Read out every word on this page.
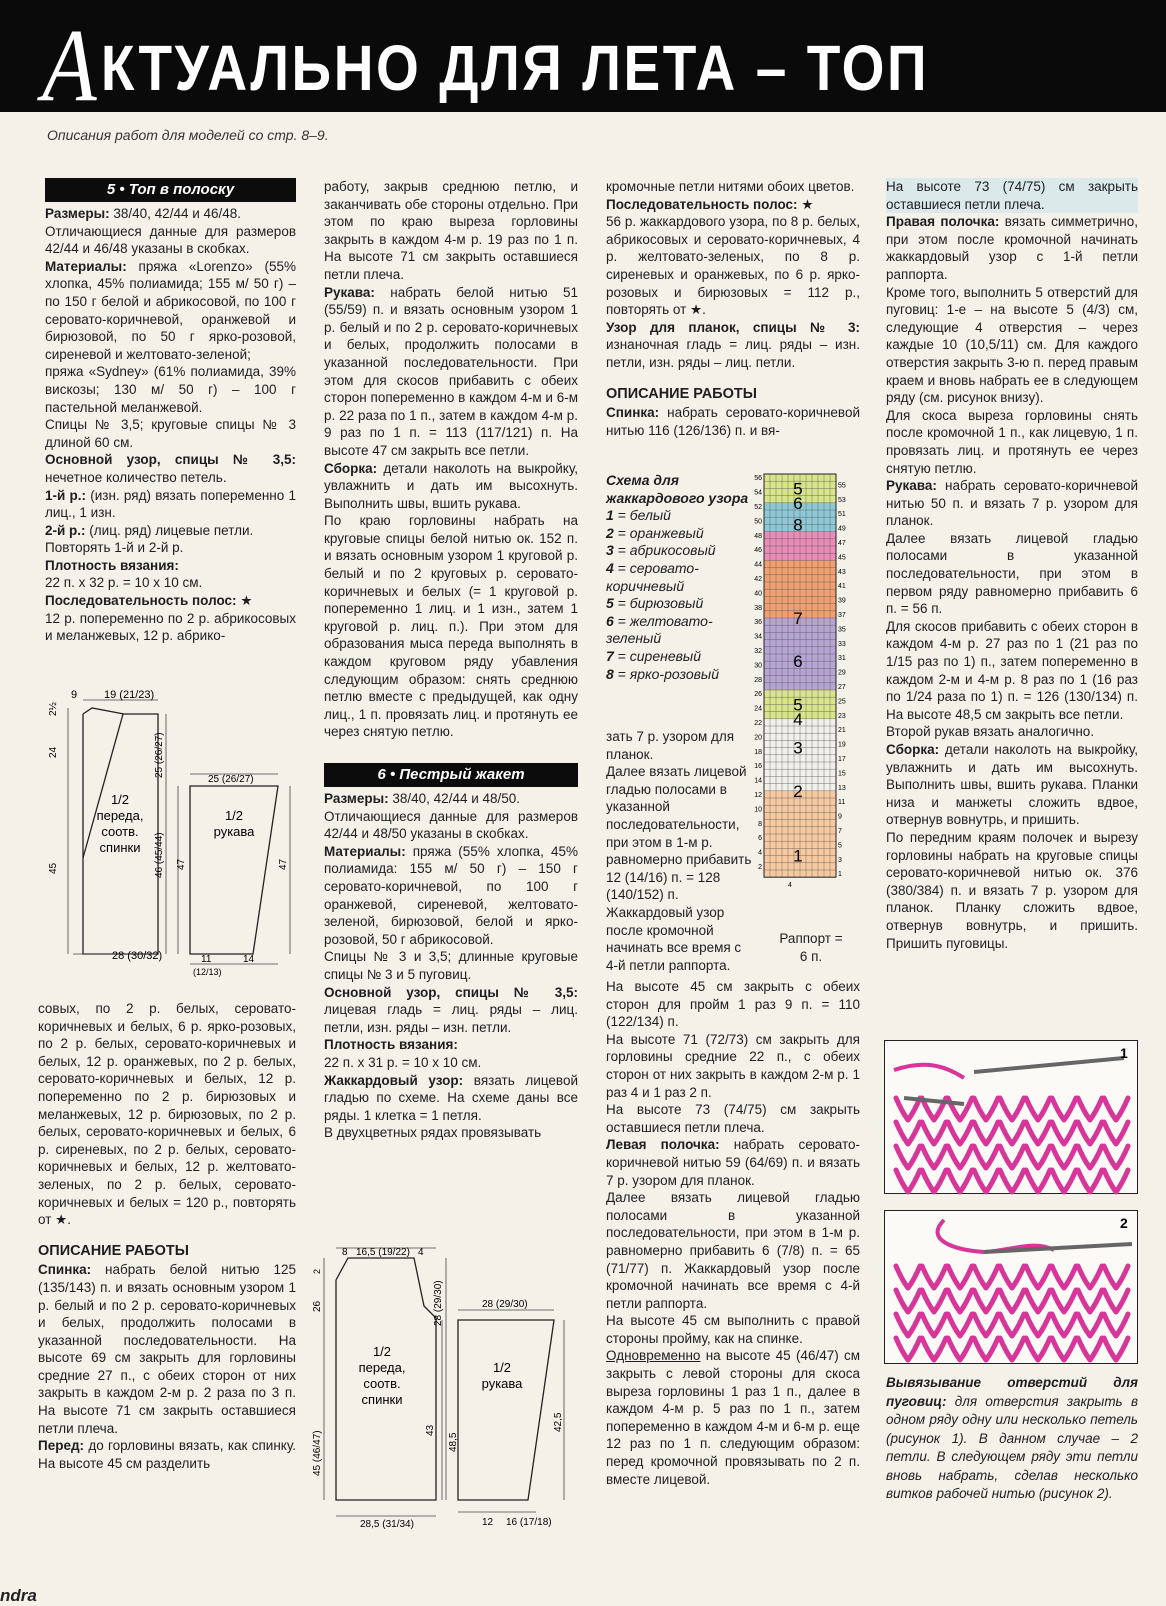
АКТУАЛЬНО ДЛЯ ЛЕТА – ТОП
Описания работ для моделей со стр. 8–9.
5 • Топ в полоску

Размеры: 38/40, 42/44 и 46/48.

Отличающиеся данные для размеров 42/44 и 46/48 указаны в скобках.

Материалы: пряжа «Lorenzo» (55% хлопка, 45% полиамида; 155 м/ 50 г) – по 150 г белой и абрикосовой, по 100 г серовато-коричневой, оранжевой и бирюзовой, по 50 г ярко-розовой, сиреневой и желтовато-зеленой;

пряжа «Sydney» (61% полиамида, 39% вискозы; 130 м/ 50 г) – 100 г пастельной меланжевой.

Спицы № 3,5; круговые спицы № 3 длиной 60 см.

Основной узор, спицы № 3,5: нечетное количество петель.

1-й р.: (изн. ряд) вязать попеременно 1 лиц., 1 изн.

2-й р.: (лиц. ряд) лицевые петли.

Повторять 1-й и 2-й р.

Плотность вязания:

22 п. х 32 р. = 10 х 10 см.

Последовательность полос: ★

12 р. попеременно по 2 р. абрикосовых и меланжевых, 12 р. абрико-

9 19 (21/23)
28 (30/32)
2½
24
45
25 (26/27)
46 (45/44)
1/2
переда,
соотв.
спинки
1/2
рукава
25 (26/27)
47	47
11	14
(12/13)

совых, по 2 р. белых, серовато-коричневых и белых, 6 р. ярко-розовых, по 2 р. белых, серовато-коричневых и белых, 12 р. оранжевых, по 2 р. белых, серовато-коричневых и белых, 12 р. попеременно по 2 р. бирюзовых и меланжевых, 12 р. бирюзовых, по 2 р. белых, серовато-коричневых и белых, 6 р. сиреневых, по 2 р. белых, серовато-коричневых и белых, 12 р. желтовато-зеленых, по 2 р. белых, серовато-коричневых и белых = 120 р., повторять от ★.

ОПИСАНИЕ РАБОТЫ

Спинка: набрать белой нитью 125 (135/143) п. и вязать основным узором 1 р. белый и по 2 р. серовато-коричневых и белых, продолжить полосами в указанной последовательности. На высоте 69 см закрыть для горловины средние 27 п., с обеих сторон от них закрыть в каждом 2-м р. 2 раза по 3 п. На высоте 71 см закрыть оставшиеся петли плеча.

Перед: до горловины вязать, как спинку. На высоте 45 см разделить

работу, закрыв среднюю петлю, и заканчивать обе стороны отдельно. При этом по краю выреза горловины закрыть в каждом 4-м р. 19 раз по 1 п. На высоте 71 см закрыть оставшиеся петли плеча.

Рукава: набрать белой нитью 51 (55/59) п. и вязать основным узором 1 р. белый и по 2 р. серовато-коричневых и белых, продолжить полосами в указанной последовательности. При этом для скосов прибавить с обеих сторон попеременно в каждом 4-м и 6-м р. 22 раза по 1 п., затем в каждом 4-м р. 9 раз по 1 п. = 113 (117/121) п. На высоте 47 см закрыть все петли.

Сборка: детали наколоть на выкройку, увлажнить и дать им высохнуть. Выполнить швы, вшить рукава.

По краю горловины набрать на круговые спицы белой нитью ок. 152 п. и вязать основным узором 1 круговой р. белый и по 2 круговых р. серовато-коричневых и белых (= 1 круговой р. попеременно 1 лиц. и 1 изн., затем 1 круговой р. лиц. п.). При этом для образования мыса переда выполнять в каждом круговом ряду убавления следующим образом: снять среднюю петлю вместе с предыдущей, как одну лиц., 1 п. провязать лиц. и протянуть ее через снятую петлю.

6 • Пестрый жакет

Размеры: 38/40, 42/44 и 48/50.

Отличающиеся данные для размеров 42/44 и 48/50 указаны в скобках.

Материалы: пряжа (55% хлопка, 45% полиамида: 155 м/ 50 г) – 150 г серовато-коричневой, по 100 г оранжевой, сиреневой, желтовато-зеленой, бирюзовой, белой и ярко-розовой, 50 г абрикосовой.

Спицы № 3 и 3,5; длинные круговые спицы № 3 и 5 пуговиц.

Основной узор, спицы № 3,5: лицевая гладь = лиц. ряды – лиц. петли, изн. ряды – изн. петли.

Плотность вязания:

22 п. х 31 р. = 10 х 10 см.

Жаккардовый узор: вязать лицевой гладью по схеме. На схеме даны все ряды. 1 клетка = 1 петля.

В двухцветных рядах провязывать

8 16,5 (19/22) 4
2
26
45 (46/47)
28 (29/30)
43
48,5
28,5 (31/34)
1/2
переда,
соотв.
спинки
1/2
рукава
28 (29/30)
42,5
12 16 (17/18)

кромочные петли нитями обоих цветов.

Последовательность полос: ★

56 р. жаккардового узора, по 8 р. белых, абрикосовых и серовато-коричневых, 4 р. желтовато-зеленых, по 8 р. сиреневых и оранжевых, по 6 р. ярко-розовых и бирюзовых = 112 р., повторять от ★.

Узор для планок, спицы № 3: изнаночная гладь = лиц. ряды – изн. петли, изн. ряды – лиц. петли.

ОПИСАНИЕ РАБОТЫ

Спинка: набрать серовато-коричневой нитью 116 (126/136) п. и вя-

Схема для жаккардового узора
1 = белый
2 = оранжевый
3 = абрикосовый
4 = серовато-коричневый
5 = бирюзовый
6 = желтовато-зеленый
7 = сиреневый
8 = ярко-розовый
1
2
3
4
5
6
7
8
9
10
11
12
13
14
15
16
17
18
19
20
21
22
23
24
25
26
27
28
29
30
31
32
33
34
35
36
37
38
39
40
41
42
43
44
45
46
47
48
49
50
51
52
53
54
55
56
1
2
3
4
5
6
7
8
6
5
4
Раппорт = 6 п.

зать 7 р. узором для планок.

Далее вязать лицевой гладью полосами в указанной последовательности, при этом в 1-м р. равномерно прибавить 12 (14/16) п. = 128 (140/152) п. Жаккардовый узор после кромочной начинать все время с 4-й петли раппорта.

На высоте 45 см закрыть с обеих сторон для пройм 1 раз 9 п. = 110 (122/134) п.

На высоте 71 (72/73) см закрыть для горловины средние 22 п., с обеих сторон от них закрыть в каждом 2-м р. 1 раз 4 и 1 раз 2 п.

На высоте 73 (74/75) см закрыть оставшиеся петли плеча.

Левая полочка: набрать серовато-коричневой нитью 59 (64/69) п. и вязать 7 р. узором для планок.

Далее вязать лицевой гладью полосами в указанной последовательности, при этом в 1-м р. равномерно прибавить 6 (7/8) п. = 65 (71/77) п. Жаккардовый узор после кромочной начинать все время с 4-й петли раппорта.

На высоте 45 см выполнить с правой стороны пройму, как на спинке.

Одновременно на высоте 45 (46/47) см закрыть с левой стороны для скоса выреза горловины 1 раз 1 п., далее в каждом 4-м р. 5 раз по 1 п., затем попеременно в каждом 4-м и 6-м р. еще 12 раз по 1 п. следующим образом: перед кромочной провязывать по 2 п. вместе лицевой.

На высоте 73 (74/75) см закрыть оставшиеся петли плеча.

Правая полочка: вязать симметрично, при этом после кромочной начинать жаккардовый узор с 1-й петли раппорта.

Кроме того, выполнить 5 отверстий для пуговиц: 1-е – на высоте 5 (4/3) см, следующие 4 отверстия – через каждые 10 (10,5/11) см. Для каждого отверстия закрыть 3-ю п. перед правым краем и вновь набрать ее в следующем ряду (см. рисунок внизу).

Для скоса выреза горловины снять после кромочной 1 п., как лицевую, 1 п. провязать лиц. и протянуть ее через снятую петлю.

Рукава: набрать серовато-коричневой нитью 50 п. и вязать 7 р. узором для планок.

Далее вязать лицевой гладью полосами в указанной последовательности, при этом в первом ряду равномерно прибавить 6 п. = 56 п.

Для скосов прибавить с обеих сторон в каждом 4-м р. 27 раз по 1 (21 раз по 1/15 раз по 1) п., затем попеременно в каждом 2-м и 4-м р. 8 раз по 1 (16 раз по 1/24 раза по 1) п. = 126 (130/134) п. На высоте 48,5 см закрыть все петли.

Второй рукав вязать аналогично.

Сборка: детали наколоть на выкройку, увлажнить и дать им высохнуть. Выполнить швы, вшить рукава. Планки низа и манжеты сложить вдвое, отвернув вовнутрь, и пришить.

По передним краям полочек и вырезу горловины набрать на круговые спицы серовато-коричневой нитью ок. 376 (380/384) п. и вязать 7 р. узором для планок. Планку сложить вдвое, отвернув вовнутрь, и пришить. Пришить пуговицы.

1
2
Вывязывание отверстий для пуговиц: для отверстия закрыть в одном ряду одну или несколько петель (рисунок 1). В данном случае – 2 петли. В следующем ряду эти петли вновь набрать, сделав несколько витков рабочей нитью (рисунок 2).
ndra
